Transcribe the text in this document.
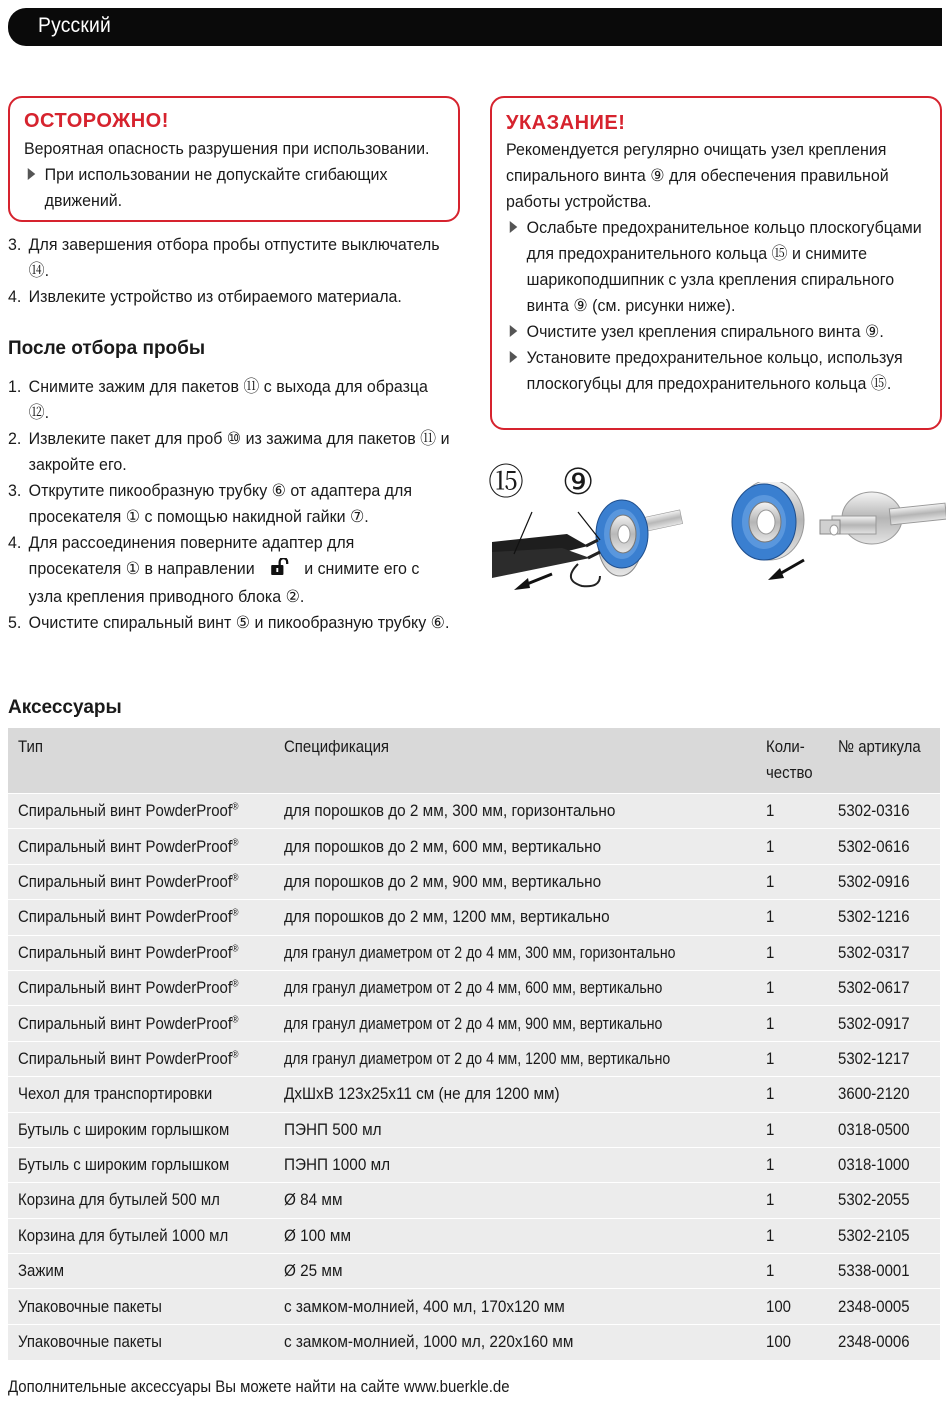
Русский
ОСТОРОЖНО!
Вероятная опасность разрушения при использовании.
При использовании не допускайте сгибающих движений.
3. Для завершения отбора пробы отпустите выключатель ⑭.
4. Извлеките устройство из отбираемого материала.
После отбора пробы
1. Снимите зажим для пакетов ⑪ с выхода для образца ⑫.
2. Извлеките пакет для проб ⑩ из зажима для пакетов ⑪ и закройте его.
3. Открутите пикообразную трубку ⑥ от адаптера для просекателя ① с помощью накидной гайки ⑦.
4. Для рассоединения поверните адаптер для просекателя ① в направлении	и снимите его с узла крепления приводного блока ②.
5. Очистите спиральный винт ⑤ и пикообразную трубку ⑥.
УКАЗАНИЕ!
Рекомендуется регулярно очищать узел крепления спирального винта ⑨ для обеспечения правильной работы устройства.
Ослабьте предохранительное кольцо плоскогубцами для предохранительного кольца ⑮ и снимите шарикоподшипник с узла крепления спирального винта ⑨ (см. рисунки ниже).
Очистите узел крепления спирального винта ⑨.
Установите предохранительное кольцо, используя плоскогубцы для предохранительного кольца ⑮.
⑮ ⑨
Аксессуары
Тип	Спецификация	Коли-чество	№ артикула
Спиральный винт PowderProof®	для порошков до 2 мм, 300 мм, горизонтально	1	5302-0316
Спиральный винт PowderProof®	для порошков до 2 мм, 600 мм, вертикально	1	5302-0616
Спиральный винт PowderProof®	для порошков до 2 мм, 900 мм, вертикально	1	5302-0916
Спиральный винт PowderProof®	для порошков до 2 мм, 1200 мм, вертикально	1	5302-1216
Спиральный винт PowderProof®	для гранул диаметром от 2 до 4 мм, 300 мм, горизонтально	1	5302-0317
Спиральный винт PowderProof®	для гранул диаметром от 2 до 4 мм, 600 мм, вертикально	1	5302-0617
Спиральный винт PowderProof®	для гранул диаметром от 2 до 4 мм, 900 мм, вертикально	1	5302-0917
Спиральный винт PowderProof®	для гранул диаметром от 2 до 4 мм, 1200 мм, вертикально	1	5302-1217
Чехол для транспортировки	ДхШхВ 123x25x11 см (не для 1200 мм)	1	3600-2120
Бутыль с широким горлышком	ПЭНП 500 мл	1	0318-0500
Бутыль с широким горлышком	ПЭНП 1000 мл	1	0318-1000
Корзина для бутылей 500 мл	Ø 84 мм	1	5302-2055
Корзина для бутылей 1000 мл	Ø 100 мм	1	5302-2105
Зажим	Ø 25 мм	1	5338-0001
Упаковочные пакеты	с замком-молнией, 400 мл, 170x120 мм	100	2348-0005
Упаковочные пакеты	с замком-молнией, 1000 мл, 220x160 мм	100	2348-0006
Дополнительные аксессуары Вы можете найти на сайте www.buerkle.de
